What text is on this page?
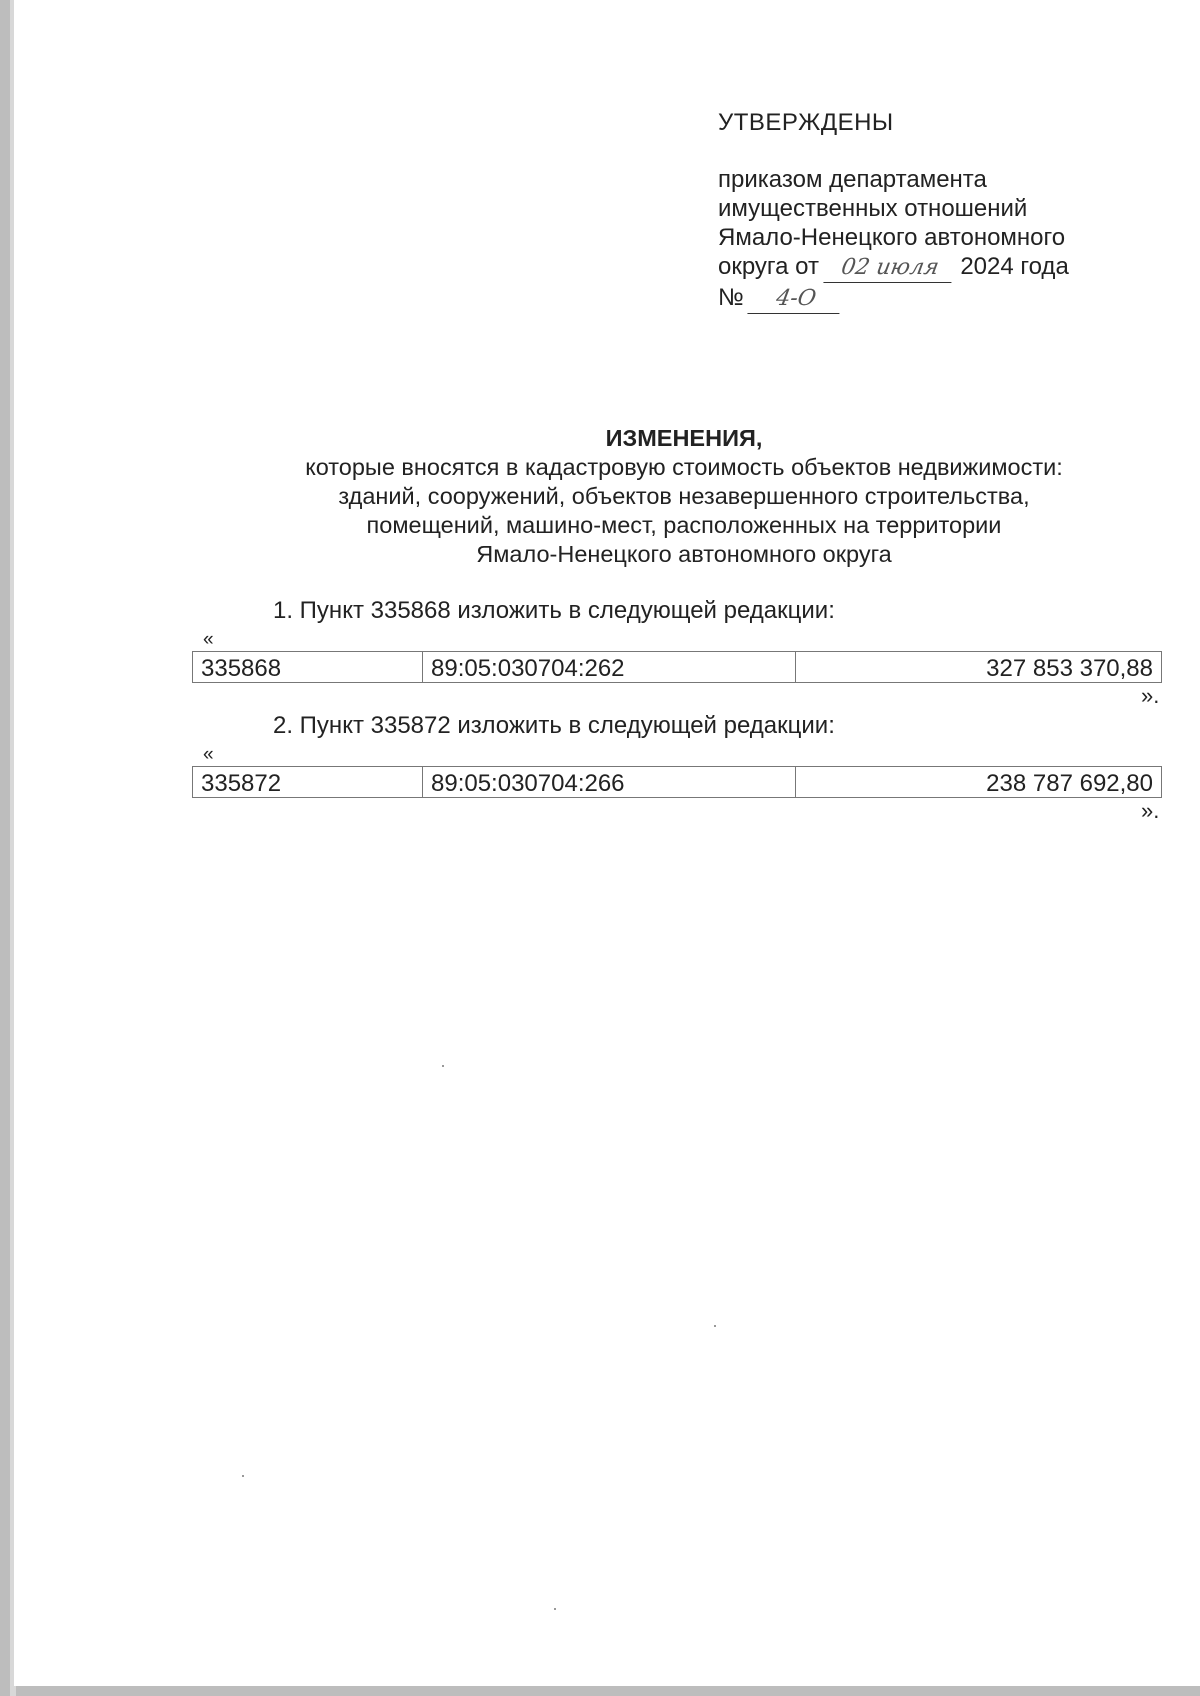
УТВЕРЖДЕНЫ
приказом департамента
имущественных отношений
Ямало-Ненецкого автономного
округа от 02 июля 2024 года
№ 4-О
ИЗМЕНЕНИЯ,
которые вносятся в кадастровую стоимость объектов недвижимости:
зданий, сооружений, объектов незавершенного строительства,
помещений, машино-мест, расположенных на территории
Ямало-Ненецкого автономного округа
1. Пункт 335868 изложить в следующей редакции:
«
335868	89:05:030704:262	327 853 370,88
».
2. Пункт 335872 изложить в следующей редакции:
«
335872	89:05:030704:266	238 787 692,80
».
